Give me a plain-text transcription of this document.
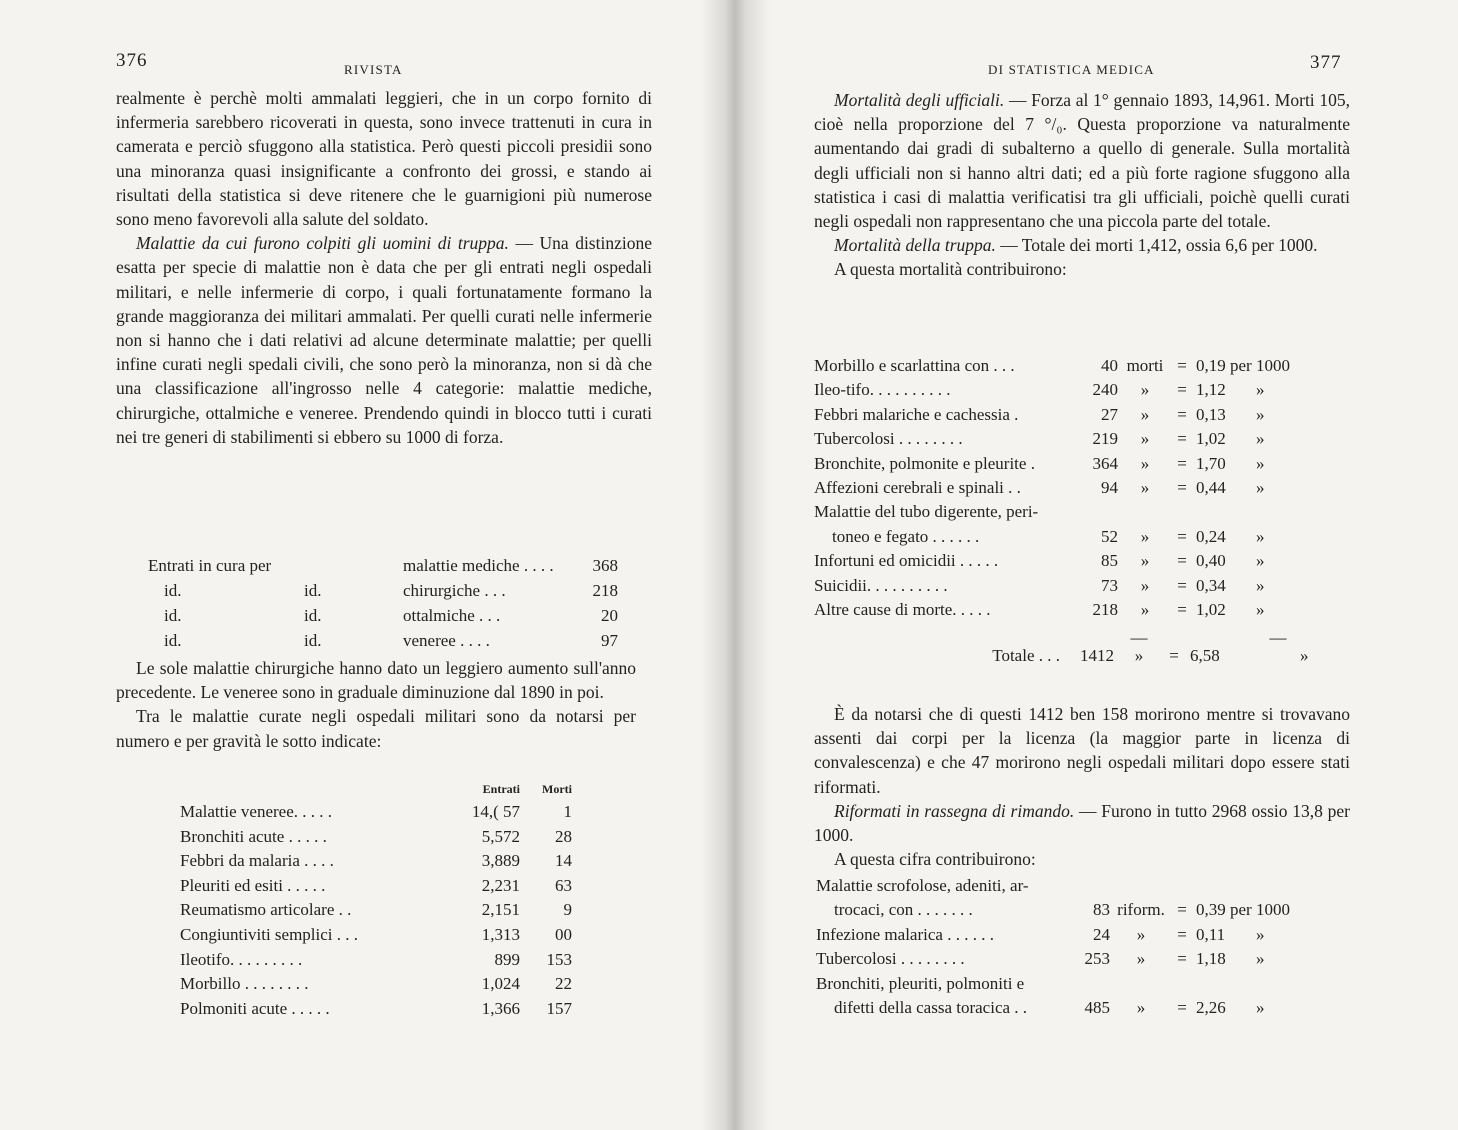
376	RIVISTA

realmente è perchè molti ammalati leggieri, che in un corpo fornito di infermeria sarebbero ricoverati in questa, sono invece trattenuti in cura in camerata e perciò sfuggono alla statistica. Però questi piccoli presidii sono una minoranza quasi insignificante a confronto dei grossi, e stando ai risultati della statistica si deve ritenere che le guarnigioni più numerose sono meno favorevoli alla salute del soldato.

Malattie da cui furono colpiti gli uomini di truppa. — Una distinzione esatta per specie di malattie non è data che per gli entrati negli ospedali militari, e nelle infermerie di corpo, i quali fortunatamente formano la grande maggioranza dei militari ammalati. Per quelli curati nelle infermerie non si hanno che i dati relativi ad alcune determinate malattie; per quelli infine curati negli spedali civili, che sono però la minoranza, non si dà che una classificazione all'ingrosso nelle 4 categorie: malattie mediche, chirurgiche, ottalmiche e veneree. Prendendo quindi in blocco tutti i curati nei tre generi di stabilimenti si ebbero su 1000 di forza.

Entrati in cura per	malattie mediche . . . .	368
id.	id.	chirurgiche . . .	218
id.	id.	ottalmiche . . .	20
id.	id.	veneree . . . .	97

Le sole malattie chirurgiche hanno dato un leggiero aumento sull'anno precedente. Le veneree sono in graduale diminuzione dal 1890 in poi.

Tra le malattie curate negli ospedali militari sono da notarsi per numero e per gravità le sotto indicate:

Entrati	Morti
Malattie veneree. . . . .	14,( 57	1
Bronchiti acute . . . . .	5,572	28
Febbri da malaria . . . .	3,889	14
Pleuriti ed esiti . . . . .	2,231	63
Reumatismo articolare . .	2,151	9
Congiuntiviti semplici . . .	1,313	00
Ileotifo. . . . . . . . .	899	153
Morbillo . . . . . . . .	1,024	22
Polmoniti acute . . . . .	1,366	157
DI STATISTICA MEDICA	377

Mortalità degli ufficiali. — Forza al 1° gennaio 1893, 14,961. Morti 105, cioè nella proporzione del 7 °/₀. Questa proporzione va naturalmente aumentando dai gradi di subalterno a quello di generale. Sulla mortalità degli ufficiali non si hanno altri dati; ed a più forte ragione sfuggono alla statistica i casi di malattia verificatisi tra gli ufficiali, poichè quelli curati negli ospedali non rappresentano che una piccola parte del totale.

Mortalità della truppa. — Totale dei morti 1,412, ossia 6,6 per 1000.

A questa mortalità contribuirono:

Morbillo e scarlattina con . . .	40 morti = 0,19 per 1000
Ileo-tifo. . . . . . . . . .	240	»	= 1,12	»
Febbri malariche e cachessia .	27	»	= 0,13	»
Tubercolosi . . . . . . . .	219	»	= 1,02	»
Bronchite, polmonite e pleurite .	364	»	= 1,70	»
Affezioni cerebrali e spinali . .	94	»	= 0,44	»
Malattie del tubo digerente, peri-
toneo e fegato . . . . . .	52	»	= 0,24	»
Infortuni ed omicidii . . . . .	85	»	= 0,40	»
Suicidii. . . . . . . . . .	73	»	= 0,34	»
Altre cause di morte. . . . .	218	»	= 1,02	»
—	—
Totale . . .	1412	»	= 6,58	»

È da notarsi che di questi 1412 ben 158 morirono mentre si trovavano assenti dai corpi per la licenza (la maggior parte in licenza di convalescenza) e che 47 morirono negli ospedali militari dopo essere stati riformati.

Riformati in rassegna di rimando. — Furono in tutto 2968 ossio 13,8 per 1000.

A questa cifra contribuirono:

Malattie scrofolose, adeniti, ar-
trocaci, con . . . . . . .	83 riform. = 0,39 per 1000
Infezione malarica . . . . . .	24	»	= 0,11	»
Tubercolosi . . . . . . . .	253	»	= 1,18	»
Bronchiti, pleuriti, polmoniti e
difetti della cassa toracica . .	485	»	= 2,26	»
